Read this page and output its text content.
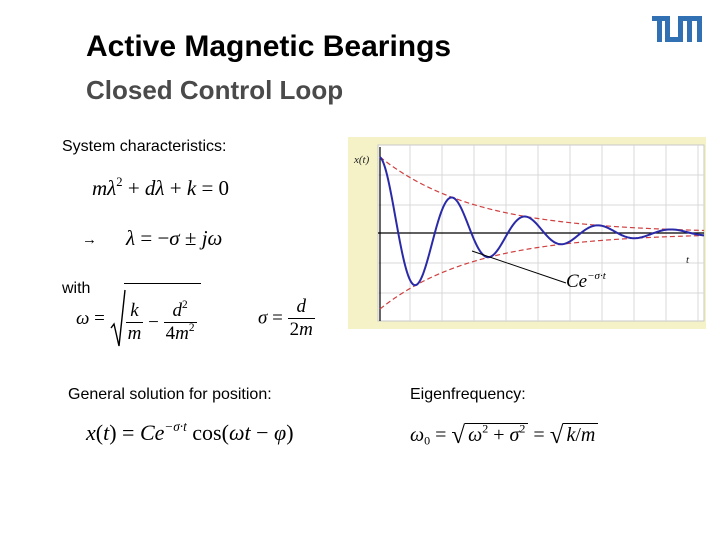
Active Magnetic Bearings
Closed Control Loop
System characteristics:
$m\lambda^2 + d\lambda + k = 0$
→ λ = −σ ± jω
with
$\omega = \frac{k}{m} - \frac{d^2}{4m^2}$	$\sigma = \frac{d}{2m}$
x(t)
t
$Ce^{-\sigma\cdot t}$
General solution for position:	Eigenfrequency:
$x(t) = Ce^{-\sigma\cdot t}$ cos(ωt − φ)	$\omega_0$ = √ $\omega^2 + \sigma^2$ = √ k/m
